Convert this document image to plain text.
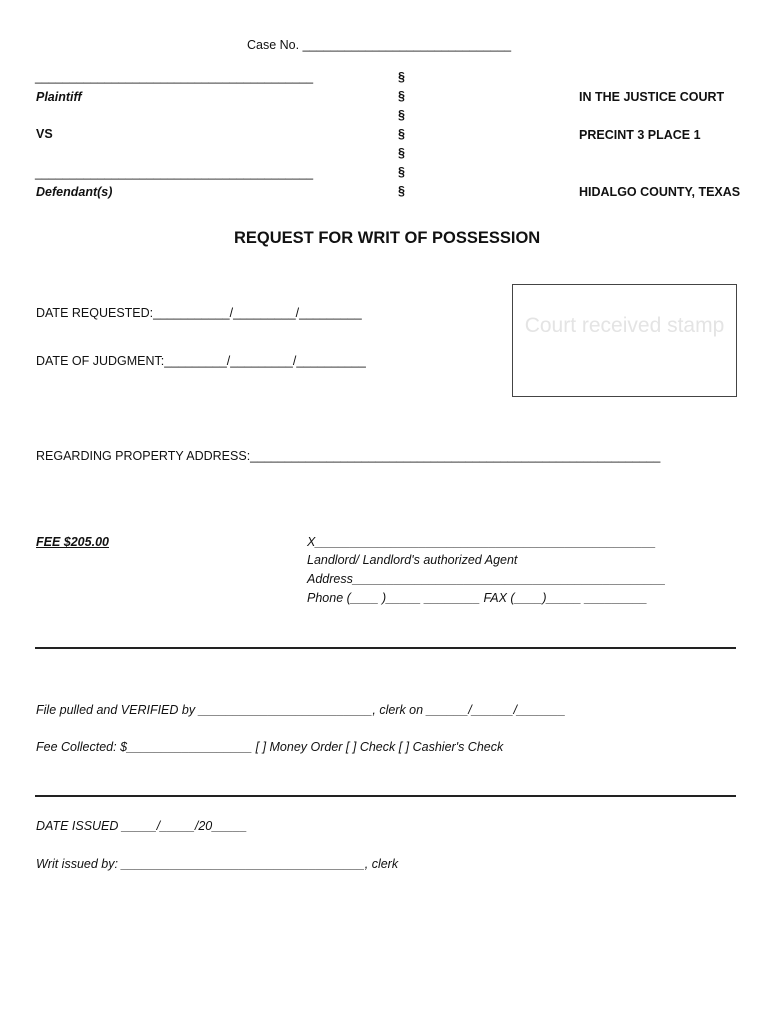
Case No. ______________________________
________________________________________
Plaintiff
VS
________________________________________
Defendant(s)
§
§
§
§
§
§
§
IN THE JUSTICE COURT
PRECINT 3 PLACE 1
HIDALGO COUNTY, TEXAS
REQUEST FOR WRIT OF POSSESSION
DATE REQUESTED:___________/_________/_________
DATE OF JUDGMENT:_________/_________/__________
Court received stamp
REGARDING PROPERTY ADDRESS:___________________________________________________________
FEE $205.00	X_________________________________________________
Landlord/ Landlord's authorized Agent
Address_____________________________________________
Phone (____ )_____ ________ FAX (____)_____ _________
File pulled and VERIFIED by _________________________, clerk on ______/______/_______
Fee Collected: $__________________ [ ] Money Order [ ] Check [ ] Cashier's Check
DATE ISSUED _____/_____/20_____
Writ issued by: ___________________________________, clerk
